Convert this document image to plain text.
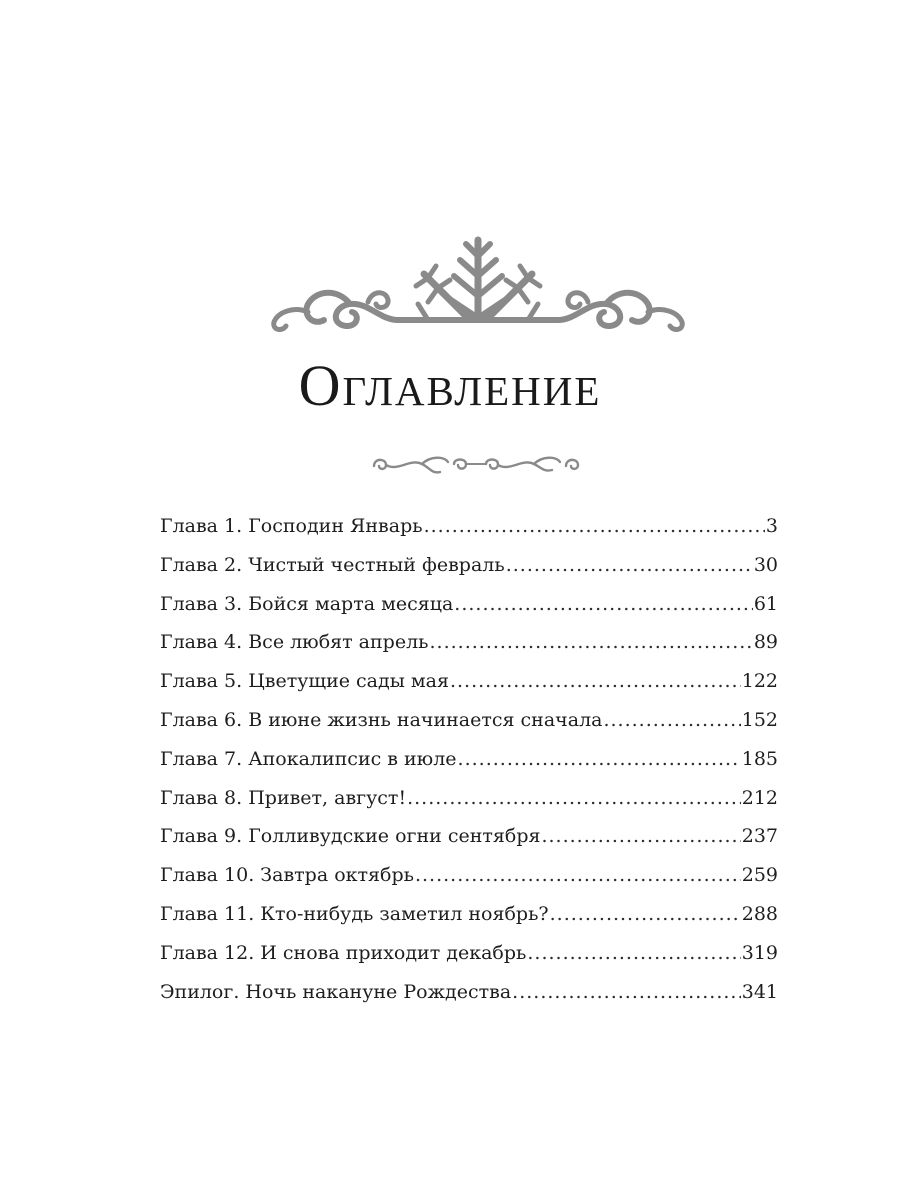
Оглавление
Глава 1. Господин Январь .....	3
Глава 2. Чистый честный февраль .....	30
Глава 3. Бойся марта месяца .....	61
Глава 4. Все любят апрель .....	89
Глава 5. Цветущие сады мая .....	122
Глава 6. В июне жизнь начинается сначала .....	152
Глава 7. Апокалипсис в июле .....	185
Глава 8. Привет, август! .....	212
Глава 9. Голливудские огни сентября .....	237
Глава 10. Завтра октябрь .....	259
Глава 11. Кто-нибудь заметил ноябрь? .....	288
Глава 12. И снова приходит декабрь .....	319
Эпилог. Ночь накануне Рождества .....	341
